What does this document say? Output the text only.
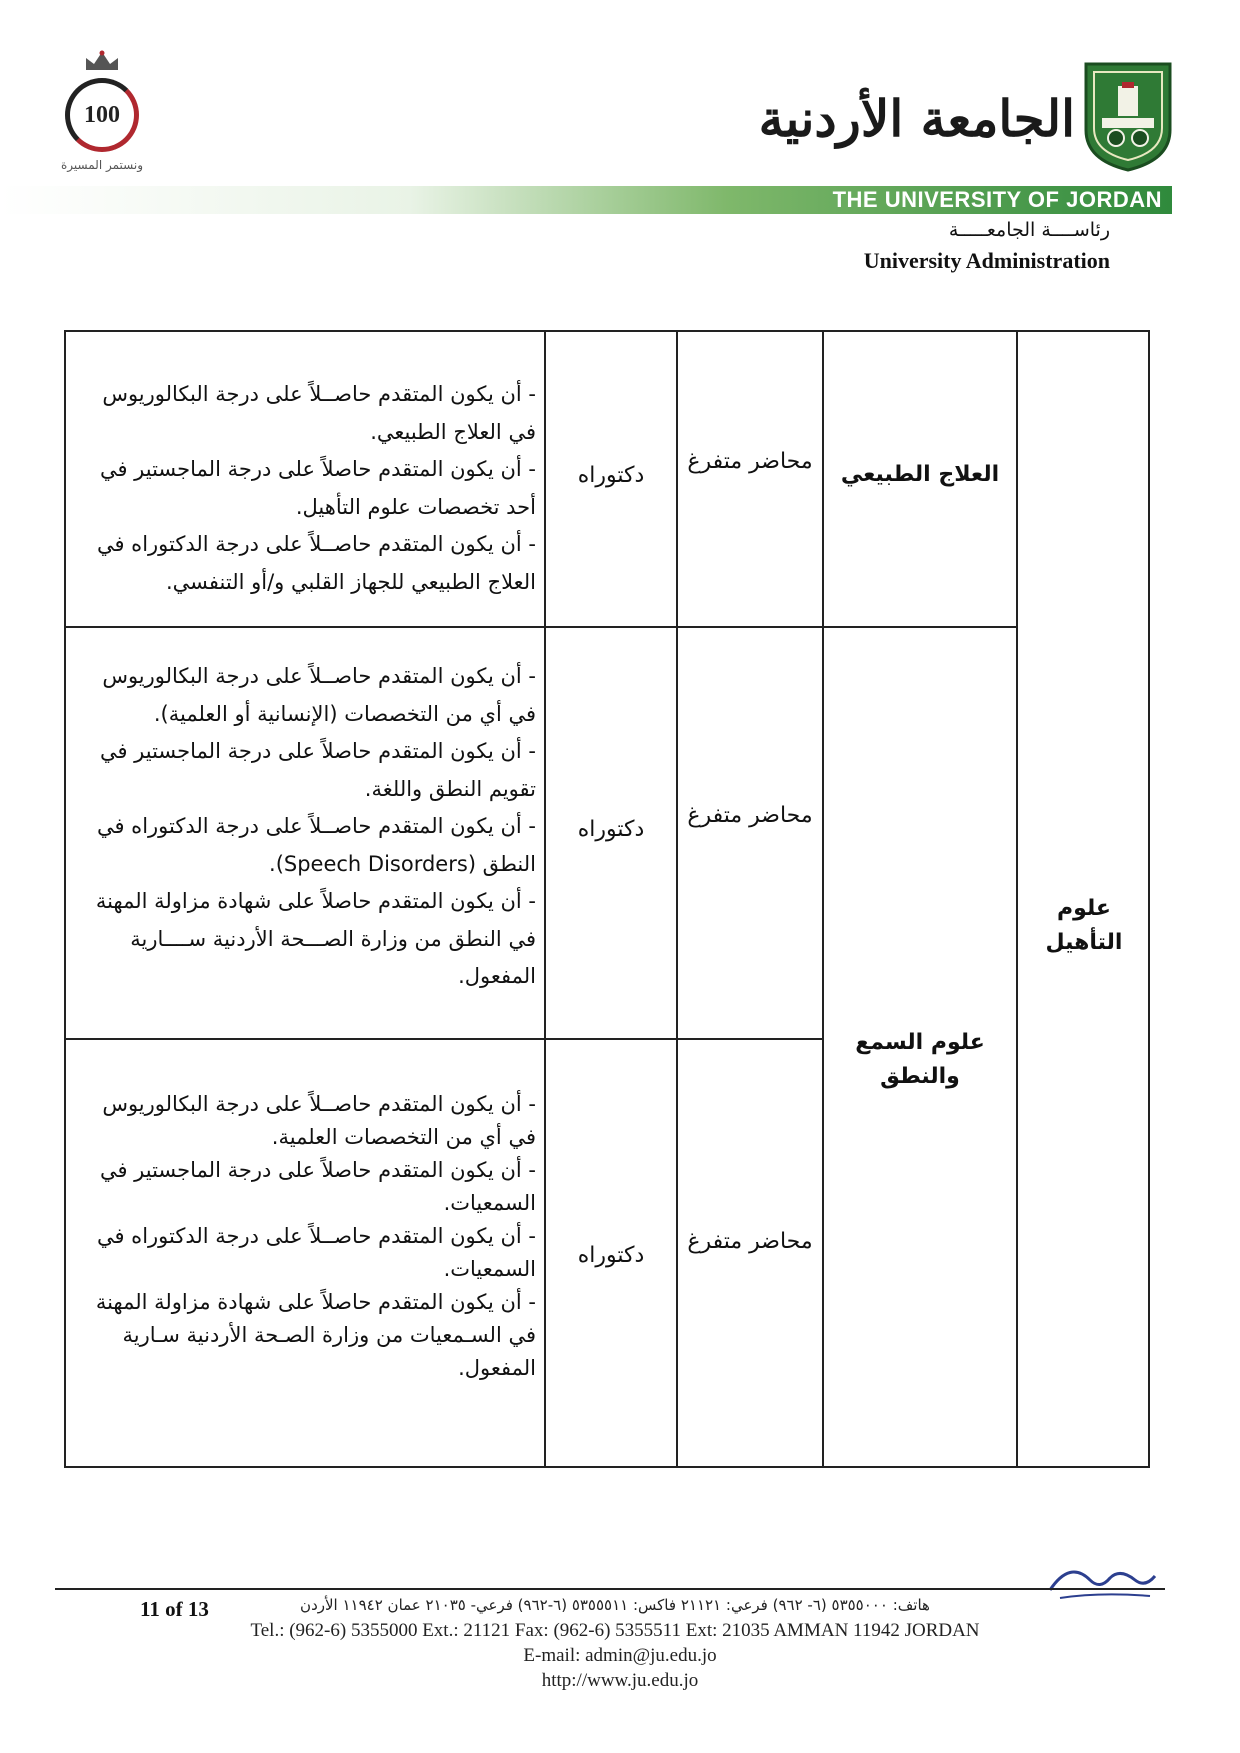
100
ونستمر المسيرة
الجامعة الأردنية
THE UNIVERSITY OF JORDAN
رئاســــة الجامعـــــة
University Administration
علوم التأهيل
العلاج الطبيعي
محاضر متفرغ
دكتوراه

- أن يكون المتقدم حاصــلاً على درجة البكالوريوس في العلاج الطبيعي.

- أن يكون المتقدم حاصلاً على درجة الماجستير في أحد تخصصات علوم التأهيل.

- أن يكون المتقدم حاصــلاً على درجة الدكتوراه في العلاج الطبيعي للجهاز القلبي و/أو التنفسي.

علوم السمع والنطق
محاضر متفرغ
دكتوراه

- أن يكون المتقدم حاصــلاً على درجة البكالوريوس في أي من التخصصات (الإنسانية أو العلمية).

- أن يكون المتقدم حاصلاً على درجة الماجستير في تقويم النطق واللغة.

- أن يكون المتقدم حاصــلاً على درجة الدكتوراه في النطق (Speech Disorders).

- أن يكون المتقدم حاصلاً على شهادة مزاولة المهنة في النطق من وزارة الصـــحة الأردنية ســــارية المفعول.

محاضر متفرغ
دكتوراه

- أن يكون المتقدم حاصــلاً على درجة البكالوريوس في أي من التخصصات العلمية.

- أن يكون المتقدم حاصلاً على درجة الماجستير في السمعيات.

- أن يكون المتقدم حاصــلاً على درجة الدكتوراه في السمعيات.

- أن يكون المتقدم حاصلاً على شهادة مزاولة المهنة في السـمعيات من وزارة الصـحة الأردنية سـارية المفعول.

11 of 13	هاتف: ٥٣٥٥٠٠٠ (٦- ٩٦٢) فرعي: ٢١١٢١ فاكس: ٥٣٥٥٥١١ (٦-٩٦٢) فرعي- ٢١٠٣٥ عمان ١١٩٤٢ الأردن
Tel.: (962-6) 5355000 Ext.: 21121 Fax: (962-6) 5355511 Ext: 21035 AMMAN 11942 JORDAN
E-mail: admin@ju.edu.jo
http://www.ju.edu.jo
